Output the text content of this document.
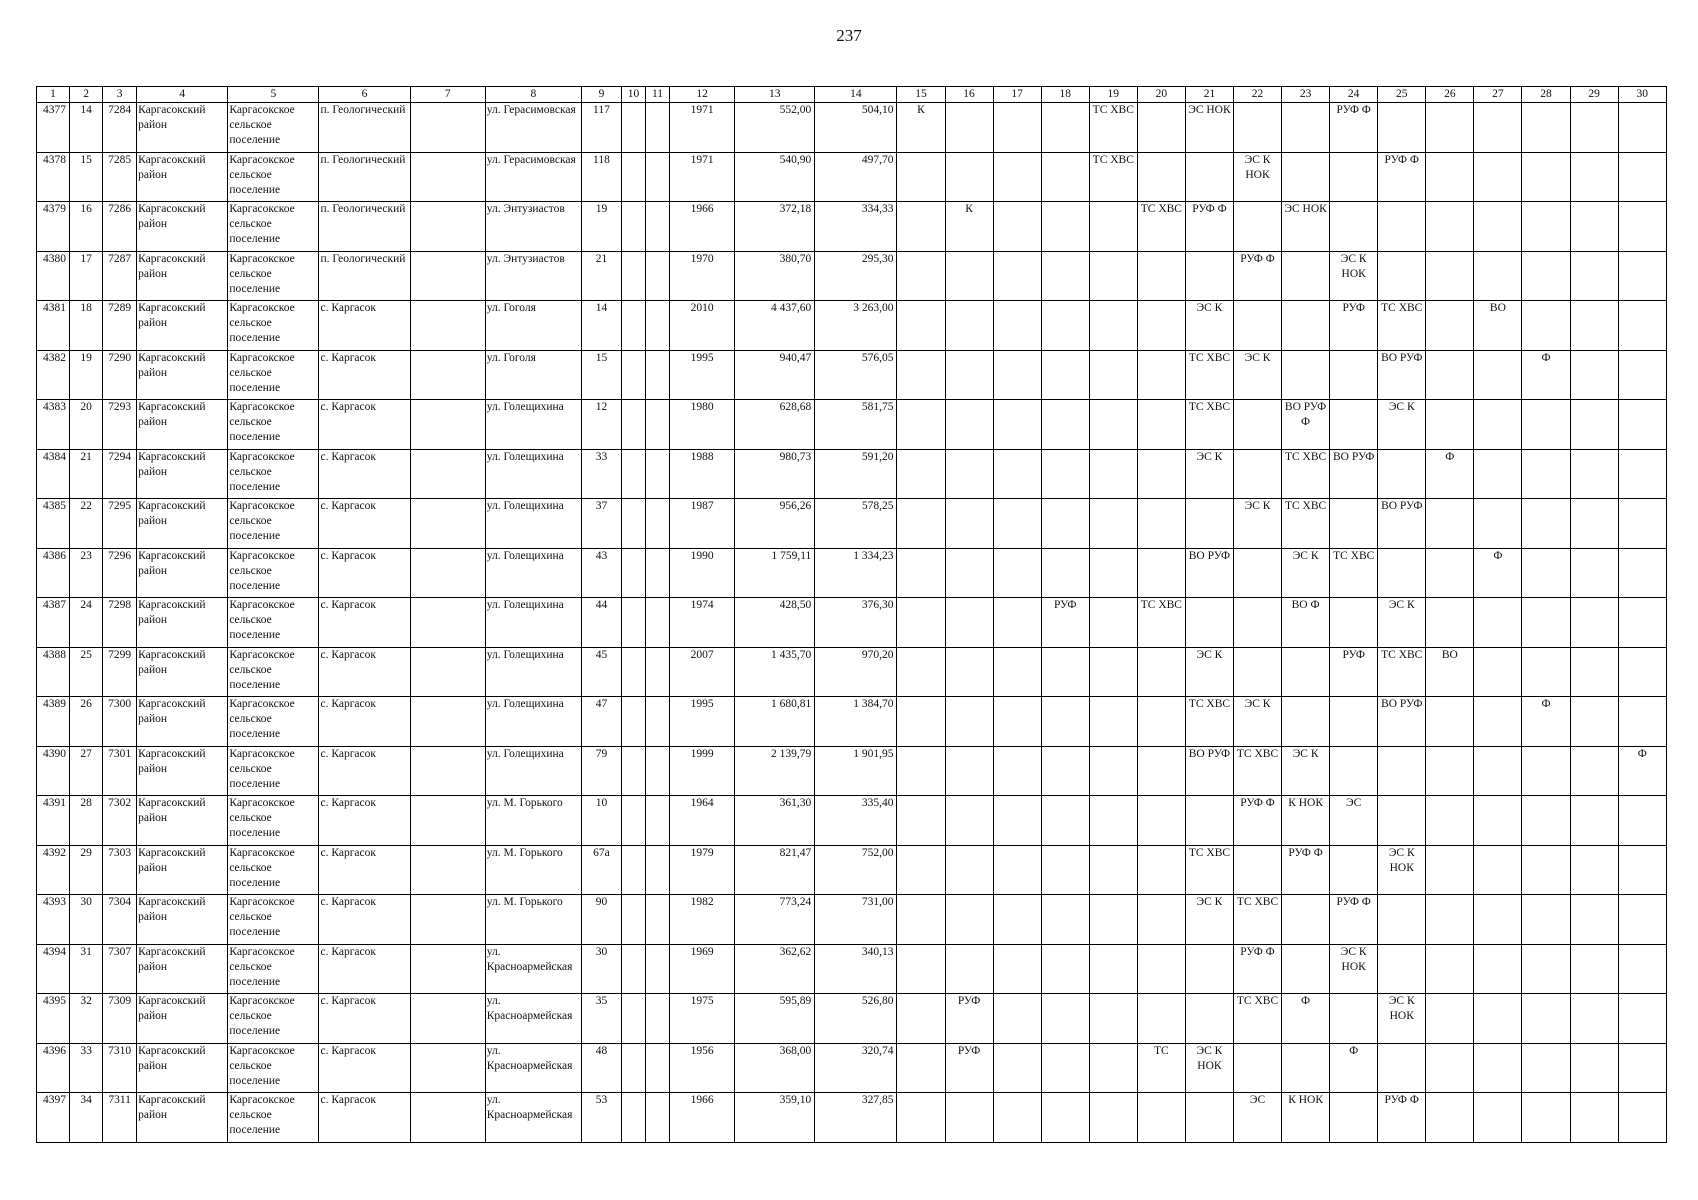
237
1	2	3	4	5	6	7	8	9	10	11	12	13	14	15	16	17	18	19	20	21	22	23	24	25	26	27	28	29	30
4377	14	7284	Каргасокский район	Каргасокское сельское поселение	п. Геологический		ул. Герасимовская	117			1971	552,00	504,10	К				ТС ХВС		ЭС НОК			РУФ Ф						
4378	15	7285	Каргасокский район	Каргасокское сельское поселение	п. Геологический		ул. Герасимовская	118			1971	540,90	497,70					ТС ХВС			ЭС К НОК			РУФ Ф					
4379	16	7286	Каргасокский район	Каргасокское сельское поселение	п. Геологический		ул. Энтузиастов	19			1966	372,18	334,33		К				ТС ХВС	РУФ Ф		ЭС НОК							
4380	17	7287	Каргасокский район	Каргасокское сельское поселение	п. Геологический		ул. Энтузиастов	21			1970	380,70	295,30								РУФ Ф		ЭС К НОК						
4381	18	7289	Каргасокский район	Каргасокское сельское поселение	с. Каргасок		ул. Гоголя	14			2010	4 437,60	3 263,00							ЭС К			РУФ	ТС ХВС		ВО			
4382	19	7290	Каргасокский район	Каргасокское сельское поселение	с. Каргасок		ул. Гоголя	15			1995	940,47	576,05							ТС ХВС	ЭС К			ВО РУФ			Ф		
4383	20	7293	Каргасокский район	Каргасокское сельское поселение	с. Каргасок		ул. Голещихина	12			1980	628,68	581,75							ТС ХВС		ВО РУФ Ф		ЭС К					
4384	21	7294	Каргасокский район	Каргасокское сельское поселение	с. Каргасок		ул. Голещихина	33			1988	980,73	591,20							ЭС К		ТС ХВС	ВО РУФ		Ф				
4385	22	7295	Каргасокский район	Каргасокское сельское поселение	с. Каргасок		ул. Голещихина	37			1987	956,26	578,25								ЭС К	ТС ХВС		ВО РУФ					
4386	23	7296	Каргасокский район	Каргасокское сельское поселение	с. Каргасок		ул. Голещихина	43			1990	1 759,11	1 334,23							ВО РУФ		ЭС К	ТС ХВС			Ф			
4387	24	7298	Каргасокский район	Каргасокское сельское поселение	с. Каргасок		ул. Голещихина	44			1974	428,50	376,30				РУФ		ТС ХВС			ВО Ф		ЭС К					
4388	25	7299	Каргасокский район	Каргасокское сельское поселение	с. Каргасок		ул. Голещихина	45			2007	1 435,70	970,20							ЭС К			РУФ	ТС ХВС	ВО				
4389	26	7300	Каргасокский район	Каргасокское сельское поселение	с. Каргасок		ул. Голещихина	47			1995	1 680,81	1 384,70							ТС ХВС	ЭС К			ВО РУФ			Ф		
4390	27	7301	Каргасокский район	Каргасокское сельское поселение	с. Каргасок		ул. Голещихина	79			1999	2 139,79	1 901,95							ВО РУФ	ТС ХВС	ЭС К							Ф
4391	28	7302	Каргасокский район	Каргасокское сельское поселение	с. Каргасок		ул. М. Горького	10			1964	361,30	335,40								РУФ Ф	К НОК	ЭС						
4392	29	7303	Каргасокский район	Каргасокское сельское поселение	с. Каргасок		ул. М. Горького	67а			1979	821,47	752,00							ТС ХВС		РУФ Ф		ЭС К НОК					
4393	30	7304	Каргасокский район	Каргасокское сельское поселение	с. Каргасок		ул. М. Горького	90			1982	773,24	731,00							ЭС К	ТС ХВС		РУФ Ф						
4394	31	7307	Каргасокский район	Каргасокское сельское поселение	с. Каргасок		ул. Красноармейская	30			1969	362,62	340,13								РУФ Ф		ЭС К НОК						
4395	32	7309	Каргасокский район	Каргасокское сельское поселение	с. Каргасок		ул. Красноармейская	35			1975	595,89	526,80		РУФ						ТС ХВС	Ф		ЭС К НОК					
4396	33	7310	Каргасокский район	Каргасокское сельское поселение	с. Каргасок		ул. Красноармейская	48			1956	368,00	320,74		РУФ				ТС	ЭС К НОК			Ф						
4397	34	7311	Каргасокский район	Каргасокское сельское поселение	с. Каргасок		ул. Красноармейская	53			1966	359,10	327,85								ЭС	К НОК		РУФ Ф					
